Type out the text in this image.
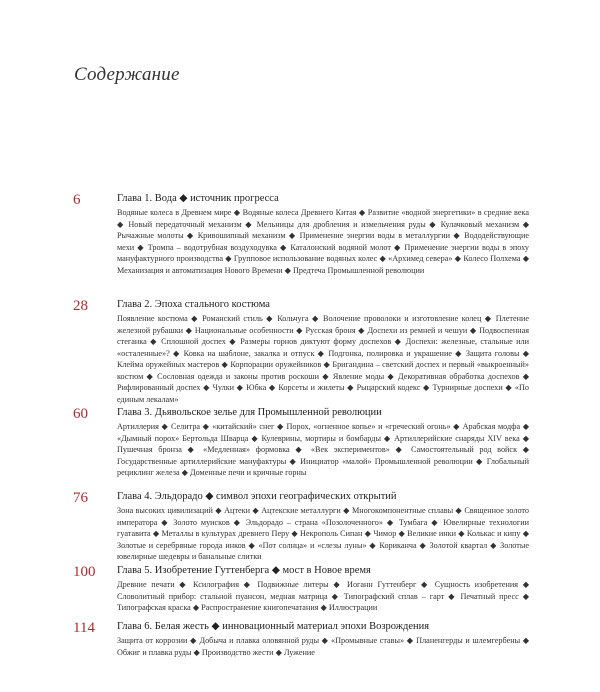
Содержание
6	Глава 1. Вода ◆ источник прогресса
Водяные колеса в Древнем мире ◆ Водяные колеса Древнего Китая ◆ Развитие «водной энергетики» в средние века ◆ Новый передаточный механизм ◆ Мельницы для дробления и измельчения руды ◆ Кулачковый механизм ◆ Рычажные молоты ◆ Кривошипный механизм ◆ Применение энергии воды в металлургии ◆ Вододействующие мехи ◆ Тромпа – водотрубная воздуходувка ◆ Каталонский водяной молот ◆ Применение энергии воды в эпоху мануфактурного производства ◆ Групповое использование водяных колес ◆ «Архимед севера» ◆ Колесо Полхема ◆ Механизация и автоматизация Нового Времени ◆ Предтеча Промышленной революции
28	Глава 2. Эпоха стального костюма
Появление костюма ◆ Романский стиль ◆ Кольчуга ◆ Волочение проволоки и изготовление колец ◆ Плетение железной рубашки ◆ Национальные особенности ◆ Русская броня ◆ Доспехи из ремней и чешуи ◆ Подвоспенная стеганка ◆ Сплошной доспех ◆ Размеры горнов диктуют форму доспехов ◆ Доспехи: железные, стальные или «осталенные»? ◆ Ковка на шаблоне, закалка и отпуск ◆ Подгонка, полировка и украшение ◆ Защита головы ◆ Клейма оружейных мастеров ◆ Корпорации оружейников ◆ Бригандина – светский доспех и первый «выкроенный» костюм ◆ Сословная одежда и законы против роскоши ◆ Явление моды ◆ Декоративная обработка доспехов ◆ Рифлированный доспех ◆ Чулки ◆ Юбка ◆ Корсеты и жилеты ◆ Рыцарский кодекс ◆ Турнирные доспехи ◆ «По единым лекалам»
60	Глава 3. Дьявольское зелье для Промышленной революции
Артиллерия ◆ Селитра ◆ «китайский» снег ◆ Порох, «огненное копье» и «греческий огонь» ◆ Арабская модфа ◆ «Дымный порох» Бертольда Шварца ◆ Кулеврины, мортиры и бомбарды ◆ Артиллерийские снаряды XIV века ◆ Пушечная бронза ◆ «Медленная» формовка ◆ «Век экспериментов» ◆ Самостоятельный род войск ◆ Государственные артиллерийские мануфактуры ◆ Инициатор «малой» Промышленной революции ◆ Глобальный рециклинг железа ◆ Доменные печи и кричные горны
76	Глава 4. Эльдорадо ◆ символ эпохи географических открытий
Зона высоких цивилизаций ◆ Ацтеки ◆ Ацтекские металлурги ◆ Многокомпонентные сплавы ◆ Священное золото императора ◆ Золото муисков ◆ Эльдорадо – страна «Позолоченного» ◆ Тумбага ◆ Ювелирные технологии гуатавита ◆ Металлы в культурах древнего Перу ◆ Некрополь Сипан ◆ Чимор ◆ Великие инки ◆ Колькас и кипу ◆ Золотые и серебряные города инков ◆ «Пот солнца» и «слезы луны» ◆ Кориканча ◆ Золотой квартал ◆ Золотые ювелирные шедевры и банальные слитки
100 Глава 5. Изобретение Гуттенберга ◆ мост в Новое время
Древние печати ◆ Ксилография ◆ Подвижные литеры ◆ Иоганн Гуттенберг ◆ Сущность изобретения ◆ Словолитный прибор: стальной пуансон, медная матрица ◆ Типографский сплав – гарт ◆ Печатный пресс ◆ Типографская краска ◆ Распространение книгопечатания ◆ Иллюстрации
114 Глава 6. Белая жесть ◆ инновационный материал эпохи Возрождения
Защита от коррозии ◆ Добыча и плавка оловянной руды ◆ «Промывные ставы» ◆ Планенгерды и шлемгербены ◆ Обжиг и плавка руды ◆ Производство жести ◆ Лужение
